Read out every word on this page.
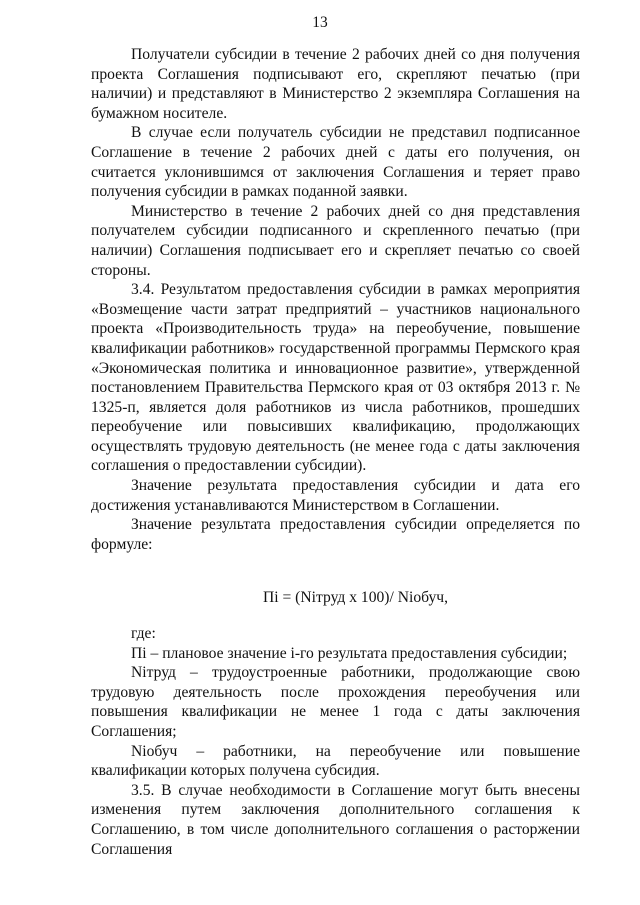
13

Получатели субсидии в течение 2 рабочих дней со дня получения проекта Соглашения подписывают его, скрепляют печатью (при наличии) и представляют в Министерство 2 экземпляра Соглашения на бумажном носителе.

В случае если получатель субсидии не представил подписанное Соглашение в течение 2 рабочих дней с даты его получения, он считается уклонившимся от заключения Соглашения и теряет право получения субсидии в рамках поданной заявки.

Министерство в течение 2 рабочих дней со дня представления получателем субсидии подписанного и скрепленного печатью (при наличии) Соглашения подписывает его и скрепляет печатью со своей стороны.

3.4. Результатом предоставления субсидии в рамках мероприятия «Возмещение части затрат предприятий – участников национального проекта «Производительность труда» на переобучение, повышение квалификации работников» государственной программы Пермского края «Экономическая политика и инновационное развитие», утвержденной постановлением Правительства Пермского края от 03 октября 2013 г. № 1325-п, является доля работников из числа работников, прошедших переобучение или повысивших квалификацию, продолжающих осуществлять трудовую деятельность (не менее года с даты заключения соглашения о предоставлении субсидии).

Значение результата предоставления субсидии и дата его достижения устанавливаются Министерством в Соглашении.

Значение результата предоставления субсидии определяется по формуле:

Пi = (Niтруд x 100)/ Niобуч,

где:

Пi – плановое значение i-го результата предоставления субсидии;

Niтруд – трудоустроенные работники, продолжающие свою трудовую деятельность после прохождения переобучения или повышения квалификации не менее 1 года с даты заключения Соглашения;

Niобуч – работники, на переобучение или повышение квалификации которых получена субсидия.

3.5. В случае необходимости в Соглашение могут быть внесены изменения путем заключения дополнительного соглашения к Соглашению, в том числе дополнительного соглашения о расторжении Соглашения
